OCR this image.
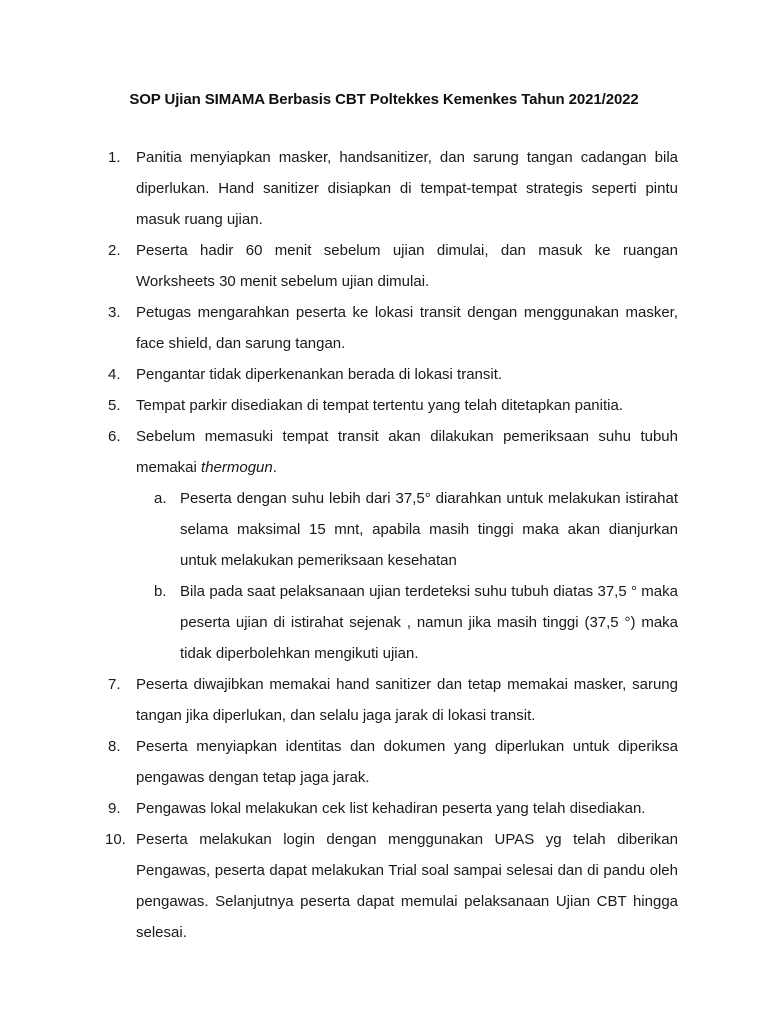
SOP Ujian SIMAMA Berbasis CBT Poltekkes Kemenkes Tahun 2021/2022
1.	Panitia menyiapkan masker, handsanitizer, dan sarung tangan cadangan bila diperlukan. Hand sanitizer disiapkan di tempat-tempat strategis seperti pintu masuk ruang ujian.
2.	Peserta hadir 60 menit sebelum ujian dimulai, dan masuk ke ruangan Worksheets 30 menit sebelum ujian dimulai.
3.	Petugas mengarahkan peserta ke lokasi transit dengan menggunakan masker, face shield, dan sarung tangan.
4.	Pengantar tidak diperkenankan berada di lokasi transit.
5.	Tempat parkir disediakan di tempat tertentu yang telah ditetapkan panitia.
6.	Sebelum memasuki tempat transit akan dilakukan pemeriksaan suhu tubuh memakai thermogun.
a. Peserta dengan suhu lebih dari 37,5° diarahkan untuk melakukan istirahat selama maksimal 15 mnt, apabila masih tinggi maka akan dianjurkan untuk melakukan pemeriksaan kesehatan
b. Bila pada saat pelaksanaan ujian terdeteksi suhu tubuh diatas 37,5 ° maka peserta ujian di istirahat sejenak , namun jika masih tinggi (37,5 °) maka tidak diperbolehkan mengikuti ujian.
7.	Peserta diwajibkan memakai hand sanitizer dan tetap memakai masker, sarung tangan jika diperlukan, dan selalu jaga jarak di lokasi transit.
8.	Peserta menyiapkan identitas dan dokumen yang diperlukan untuk diperiksa pengawas dengan tetap jaga jarak.
9.	Pengawas lokal melakukan cek list kehadiran peserta yang telah disediakan.
10. Peserta melakukan login dengan menggunakan UPAS yg telah diberikan Pengawas, peserta dapat melakukan Trial soal sampai selesai dan di pandu oleh pengawas. Selanjutnya peserta dapat memulai pelaksanaan Ujian CBT hingga selesai.
